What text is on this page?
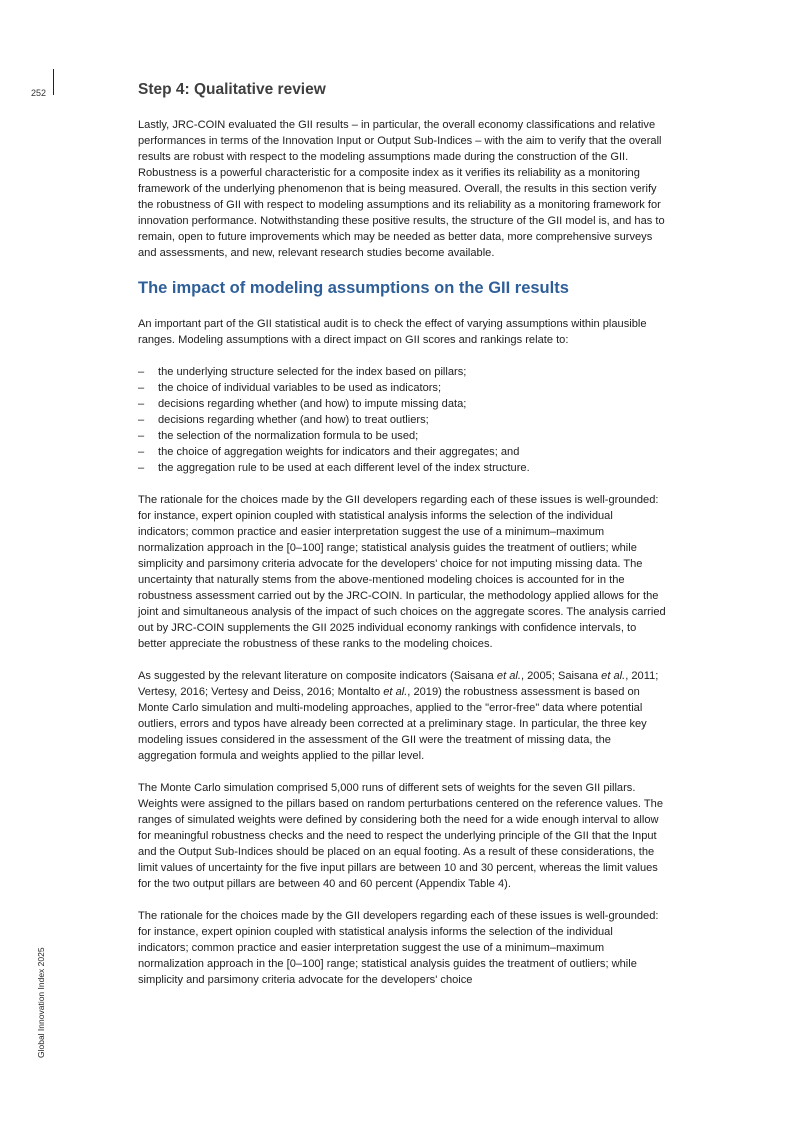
252
Global Innovation Index 2025
Step 4: Qualitative review

Lastly, JRC-COIN evaluated the GII results – in particular, the overall economy classifications and relative performances in terms of the Innovation Input or Output Sub-Indices – with the aim to verify that the overall results are robust with respect to the modeling assumptions made during the construction of the GII. Robustness is a powerful characteristic for a composite index as it verifies its reliability as a monitoring framework of the underlying phenomenon that is being measured. Overall, the results in this section verify the robustness of GII with respect to modeling assumptions and its reliability as a monitoring framework for innovation performance. Notwithstanding these positive results, the structure of the GII model is, and has to remain, open to future improvements which may be needed as better data, more comprehensive surveys and assessments, and new, relevant research studies become available.

The impact of modeling assumptions on the GII results

An important part of the GII statistical audit is to check the effect of varying assumptions within plausible ranges. Modeling assumptions with a direct impact on GII scores and rankings relate to:

– the underlying structure selected for the index based on pillars;
– the choice of individual variables to be used as indicators;
– decisions regarding whether (and how) to impute missing data;
– decisions regarding whether (and how) to treat outliers;
– the selection of the normalization formula to be used;
– the choice of aggregation weights for indicators and their aggregates; and
– the aggregation rule to be used at each different level of the index structure.

The rationale for the choices made by the GII developers regarding each of these issues is well-grounded: for instance, expert opinion coupled with statistical analysis informs the selection of the individual indicators; common practice and easier interpretation suggest the use of a minimum–maximum normalization approach in the [0–100] range; statistical analysis guides the treatment of outliers; while simplicity and parsimony criteria advocate for the developers' choice for not imputing missing data. The uncertainty that naturally stems from the above-mentioned modeling choices is accounted for in the robustness assessment carried out by the JRC-COIN. In particular, the methodology applied allows for the joint and simultaneous analysis of the impact of such choices on the aggregate scores. The analysis carried out by JRC-COIN supplements the GII 2025 individual economy rankings with confidence intervals, to better appreciate the robustness of these ranks to the modeling choices.

As suggested by the relevant literature on composite indicators (Saisana et al., 2005; Saisana et al., 2011; Vertesy, 2016; Vertesy and Deiss, 2016; Montalto et al., 2019) the robustness assessment is based on Monte Carlo simulation and multi-modeling approaches, applied to the "error-free" data where potential outliers, errors and typos have already been corrected at a preliminary stage. In particular, the three key modeling issues considered in the assessment of the GII were the treatment of missing data, the aggregation formula and weights applied to the pillar level.

The Monte Carlo simulation comprised 5,000 runs of different sets of weights for the seven GII pillars. Weights were assigned to the pillars based on random perturbations centered on the reference values. The ranges of simulated weights were defined by considering both the need for a wide enough interval to allow for meaningful robustness checks and the need to respect the underlying principle of the GII that the Input and the Output Sub-Indices should be placed on an equal footing. As a result of these considerations, the limit values of uncertainty for the five input pillars are between 10 and 30 percent, whereas the limit values for the two output pillars are between 40 and 60 percent (Appendix Table 4).

The rationale for the choices made by the GII developers regarding each of these issues is well-grounded: for instance, expert opinion coupled with statistical analysis informs the selection of the individual indicators; common practice and easier interpretation suggest the use of a minimum–maximum normalization approach in the [0–100] range; statistical analysis guides the treatment of outliers; while simplicity and parsimony criteria advocate for the developers' choice
